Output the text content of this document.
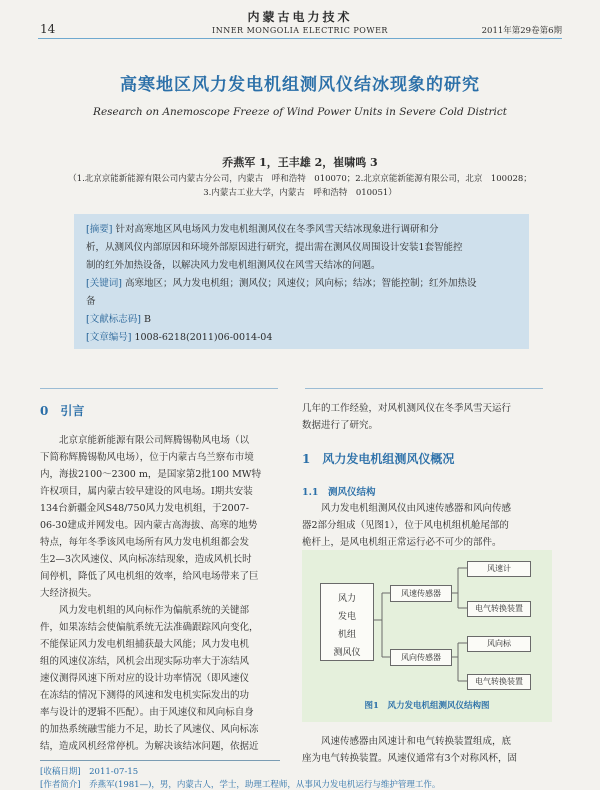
内蒙古电力技术
INNER MONGOLIA ELECTRIC POWER
14	2011年第29卷第6期
高寒地区风力发电机组测风仪结冰现象的研究
Research on Anemoscope Freeze of Wind Power Units in Severe Cold District
乔燕军 1，王丰雄 2，崔啸鸣 3
（1.北京京能新能源有限公司内蒙古分公司，内蒙古　呼和浩特　010070；2.北京京能新能源有限公司，北京　100028；
3.内蒙古工业大学，内蒙古　呼和浩特　010051）
[摘要] 针对高寒地区风电场风力发电机组测风仪在冬季风雪天结冰现象进行调研和分
析，从测风仪内部原因和环境外部原因进行研究，提出需在测风仪周围设计安装1套智能控
制的红外加热设备，以解决风力发电机组测风仪在风雪天结冰的问题。
[关键词] 高寒地区；风力发电机组；测风仪；风速仪；风向标；结冰；智能控制；红外加热设
备
[文献标志码] B
[文章编号] 1008-6218(2011)06-0014-04
0　引言
北京京能新能源有限公司辉腾锡勒风电场（以
下简称辉腾锡勒风电场），位于内蒙古乌兰察布市境
内，海拔2100～2300 m，是国家第2批100 MW特
许权项目，属内蒙古较早建设的风电场。Ⅰ期共安装
134台新疆金风S48/750风力发电机组，于2007-
06-30建成并网发电。因内蒙古高海拔、高寒的地势
特点，每年冬季该风电场所有风力发电机组都会发
生2—3次风速仪、风向标冻结现象，造成风机长时
间停机，降低了风电机组的效率，给风电场带来了巨
大经济损失。
风力发电机组的风向标作为偏航系统的关键部
件，如果冻结会使偏航系统无法准确跟踪风向变化，
不能保证风力发电机组捕获最大风能；风力发电机
组的风速仪冻结，风机会出现实际功率大于冻结风
速仪测得风速下所对应的设计功率情况（即风速仪
在冻结的情况下测得的风速和发电机实际发出的功
率与设计的逻辑不匹配）。由于风速仪和风向标自身
的加热系统融雪能力不足，助长了风速仪、风向标冻
结，造成风机经常停机。为解决该结冰问题，依据近
几年的工作经验，对风机测风仪在冬季风雪天运行
数据进行了研究。
1　风力发电机组测风仪概况
1.1　测风仪结构
风力发电机组测风仪由风速传感器和风向传感
器2部分组成（见图1），位于风电机组机舱尾部的
桅杆上，是风电机组正常运行必不可少的部件。
风力
发电
机组
测风仪
风速传感器
风向传感器
风速计
电气转换装置
风向标
电气转换装置
图1　风力发电机组测风仪结构图
风速传感器由风速计和电气转换装置组成，底
座为电气转换装置。风速仪通常有3个对称风杯，固
[收稿日期]　2011-07-15
[作者简介]　乔燕军(1981—)，男，内蒙古人，学士，助理工程师，从事风力发电机运行与维护管理工作。
